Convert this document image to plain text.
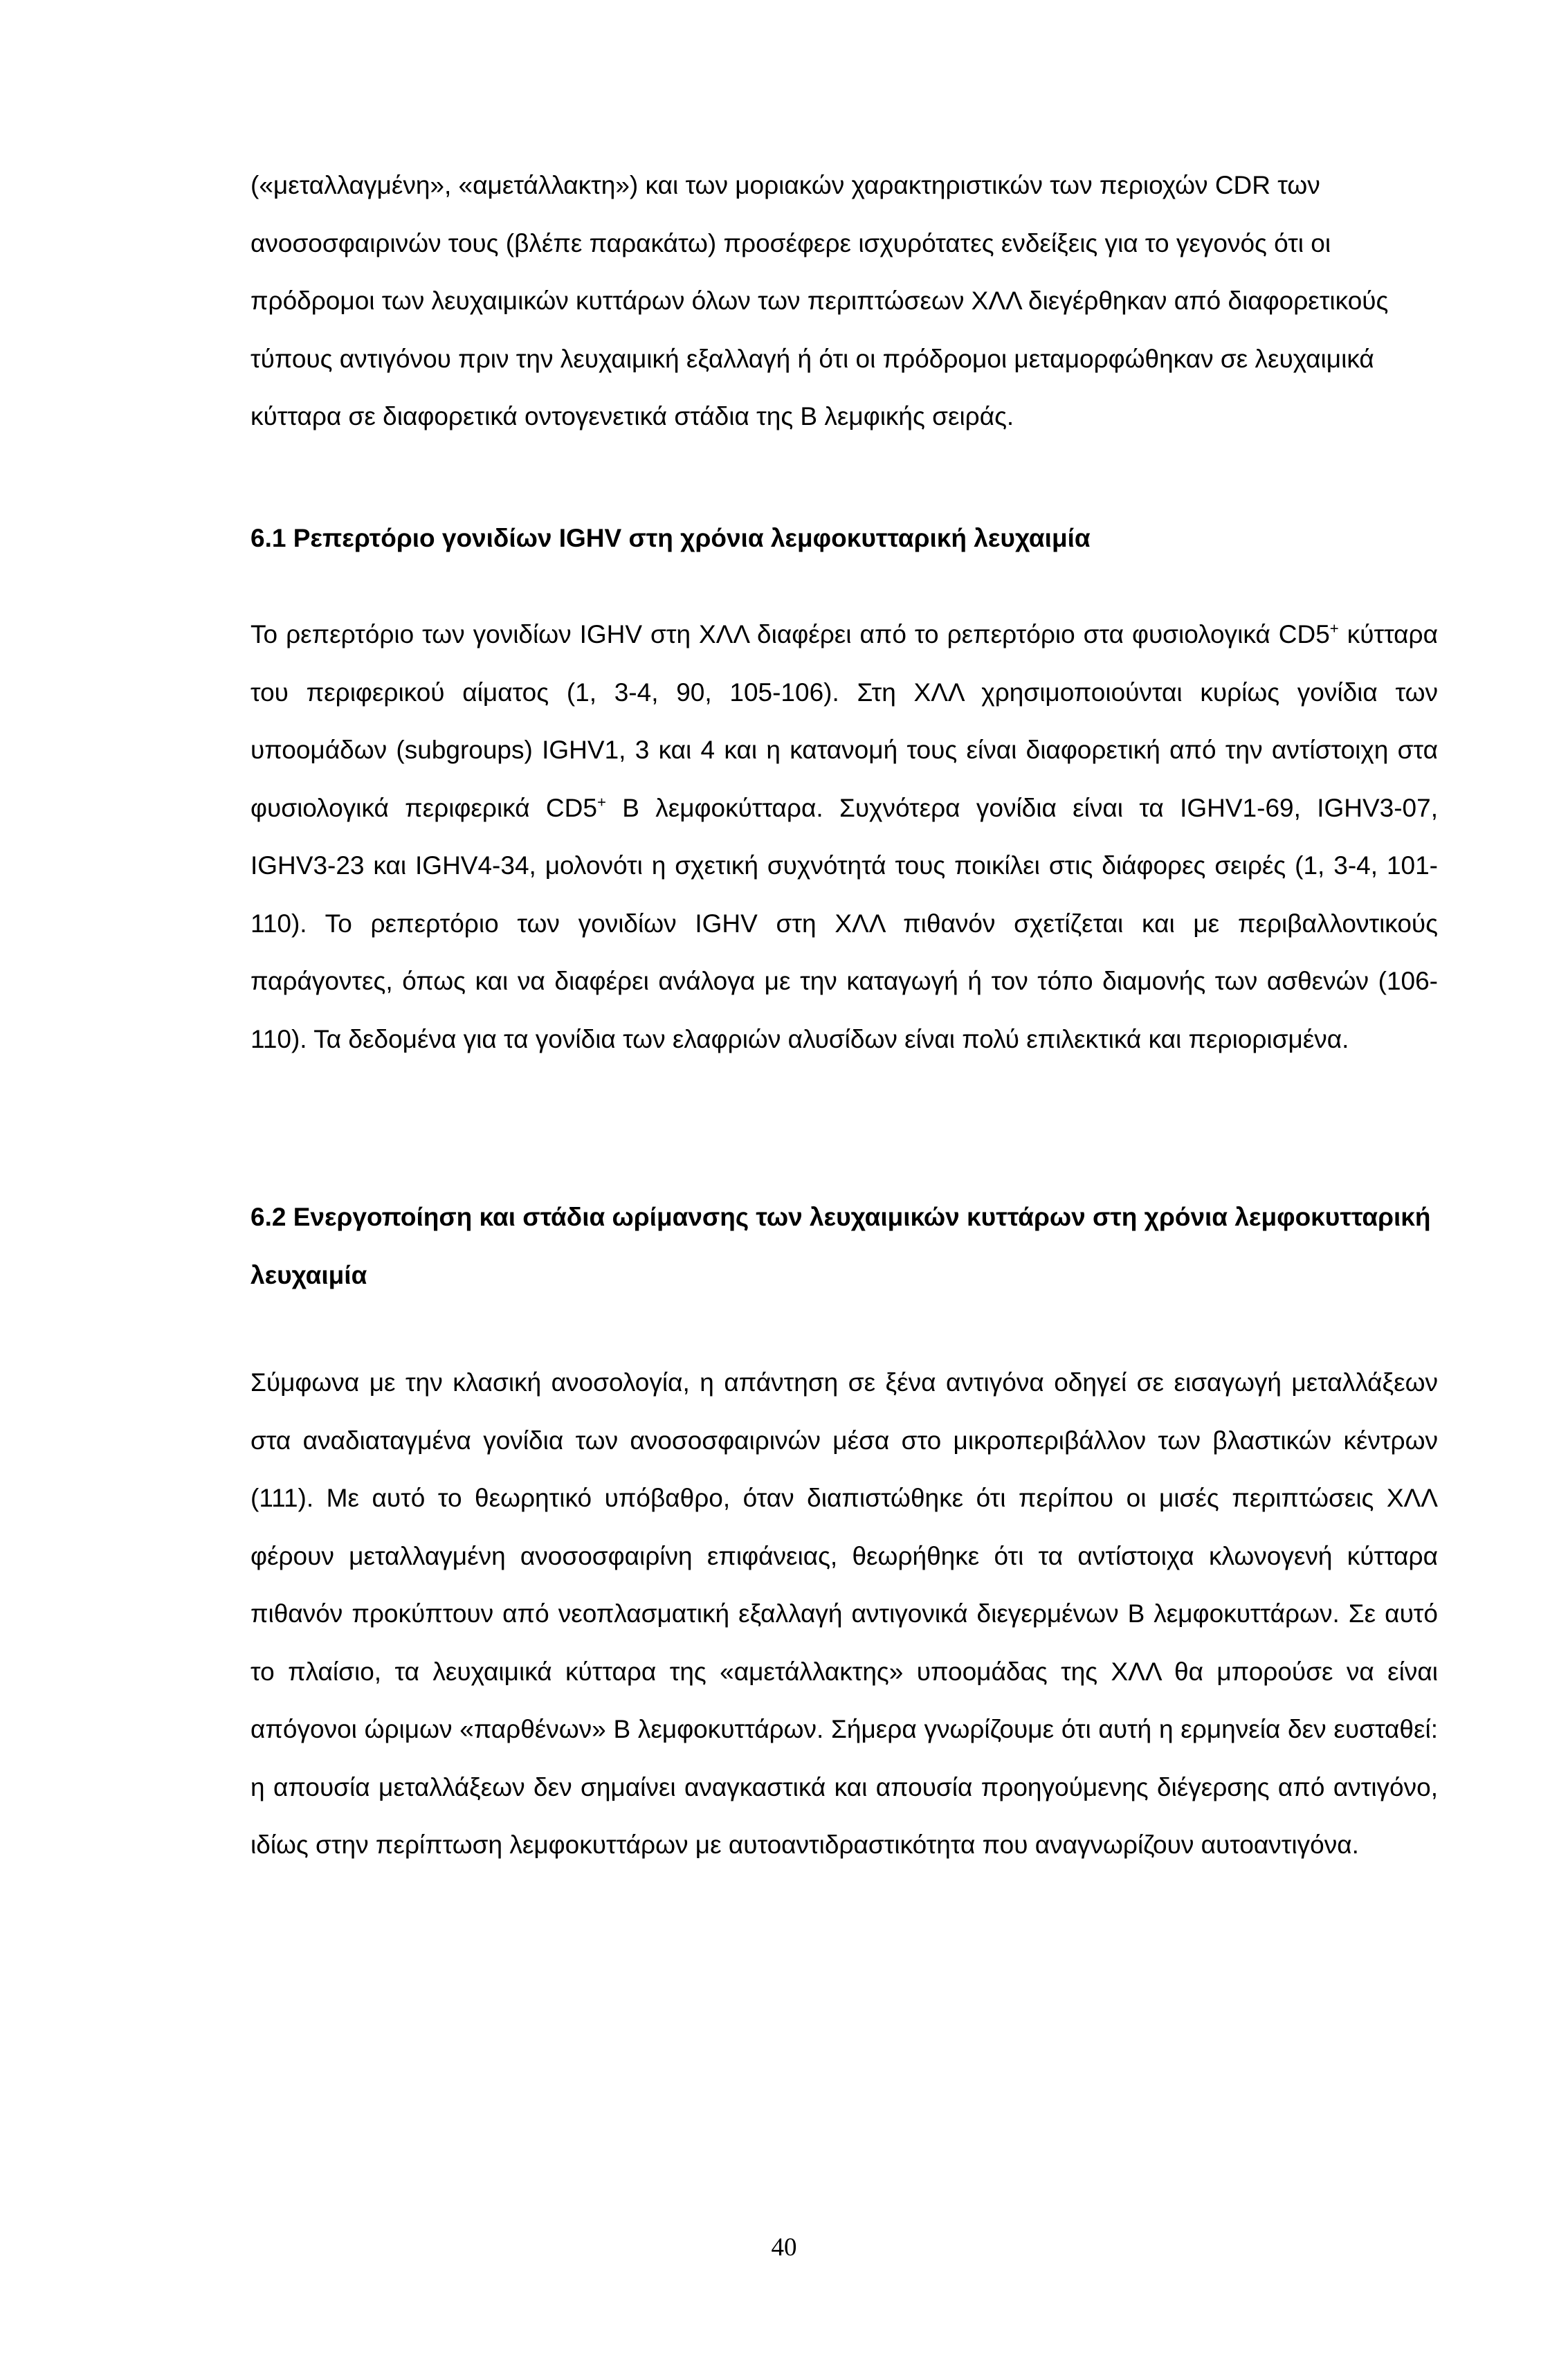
(«μεταλλαγμένη», «αμετάλλακτη») και των μοριακών χαρακτηριστικών των περιοχών CDR των ανοσοσφαιρινών τους (βλέπε παρακάτω) προσέφερε ισχυρότατες ενδείξεις για το γεγονός ότι οι πρόδρομοι των λευχαιμικών κυττάρων όλων των περιπτώσεων ΧΛΛ διεγέρθηκαν από διαφορετικούς τύπους αντιγόνου πριν την λευχαιμική εξαλλαγή ή ότι οι πρόδρομοι μεταμορφώθηκαν σε λευχαιμικά κύτταρα σε διαφορετικά οντογενετικά στάδια της Β λεμφικής σειράς.

6.1 Ρεπερτόριο γονιδίων IGHV στη χρόνια λεμφοκυτταρική λευχαιμία

Το ρεπερτόριο των γονιδίων IGHV στη ΧΛΛ διαφέρει από το ρεπερτόριο στα φυσιολογικά CD5+ κύτταρα του περιφερικού αίματος (1, 3-4, 90, 105-106). Στη ΧΛΛ χρησιμοποιούνται κυρίως γονίδια των υποομάδων (subgroups) IGHV1, 3 και 4 και η κατανομή τους είναι διαφορετική από την αντίστοιχη στα φυσιολογικά περιφερικά CD5+ Β λεμφοκύτταρα. Συχνότερα γονίδια είναι τα IGHV1-69, IGHV3-07, IGHV3-23 και IGHV4-34, μολονότι η σχετική συχνότητά τους ποικίλει στις διάφορες σειρές (1, 3-4, 101-110). Το ρεπερτόριο των γονιδίων IGHV στη ΧΛΛ πιθανόν σχετίζεται και με περιβαλλοντικούς παράγοντες, όπως και να διαφέρει ανάλογα με την καταγωγή ή τον τόπο διαμονής των ασθενών (106-110). Τα δεδομένα για τα γονίδια των ελαφριών αλυσίδων είναι πολύ επιλεκτικά και περιορισμένα.

6.2 Ενεργοποίηση και στάδια ωρίμανσης των λευχαιμικών κυττάρων στη χρόνια λεμφοκυτταρική λευχαιμία

Σύμφωνα με την κλασική ανοσολογία, η απάντηση σε ξένα αντιγόνα οδηγεί σε εισαγωγή μεταλλάξεων στα αναδιαταγμένα γονίδια των ανοσοσφαιρινών μέσα στο μικροπεριβάλλον των βλαστικών κέντρων (111). Με αυτό το θεωρητικό υπόβαθρο, όταν διαπιστώθηκε ότι περίπου οι μισές περιπτώσεις ΧΛΛ φέρουν μεταλλαγμένη ανοσοσφαιρίνη επιφάνειας, θεωρήθηκε ότι τα αντίστοιχα κλωνογενή κύτταρα πιθανόν προκύπτουν από νεοπλασματική εξαλλαγή αντιγονικά διεγερμένων Β λεμφοκυττάρων. Σε αυτό το πλαίσιο, τα λευχαιμικά κύτταρα της «αμετάλλακτης» υποομάδας της ΧΛΛ θα μπορούσε να είναι απόγονοι ώριμων «παρθένων» Β λεμφοκυττάρων. Σήμερα γνωρίζουμε ότι αυτή η ερμηνεία δεν ευσταθεί: η απουσία μεταλλάξεων δεν σημαίνει αναγκαστικά και απουσία προηγούμενης διέγερσης από αντιγόνο, ιδίως στην περίπτωση λεμφοκυττάρων με αυτοαντιδραστικότητα που αναγνωρίζουν αυτοαντιγόνα.

40
